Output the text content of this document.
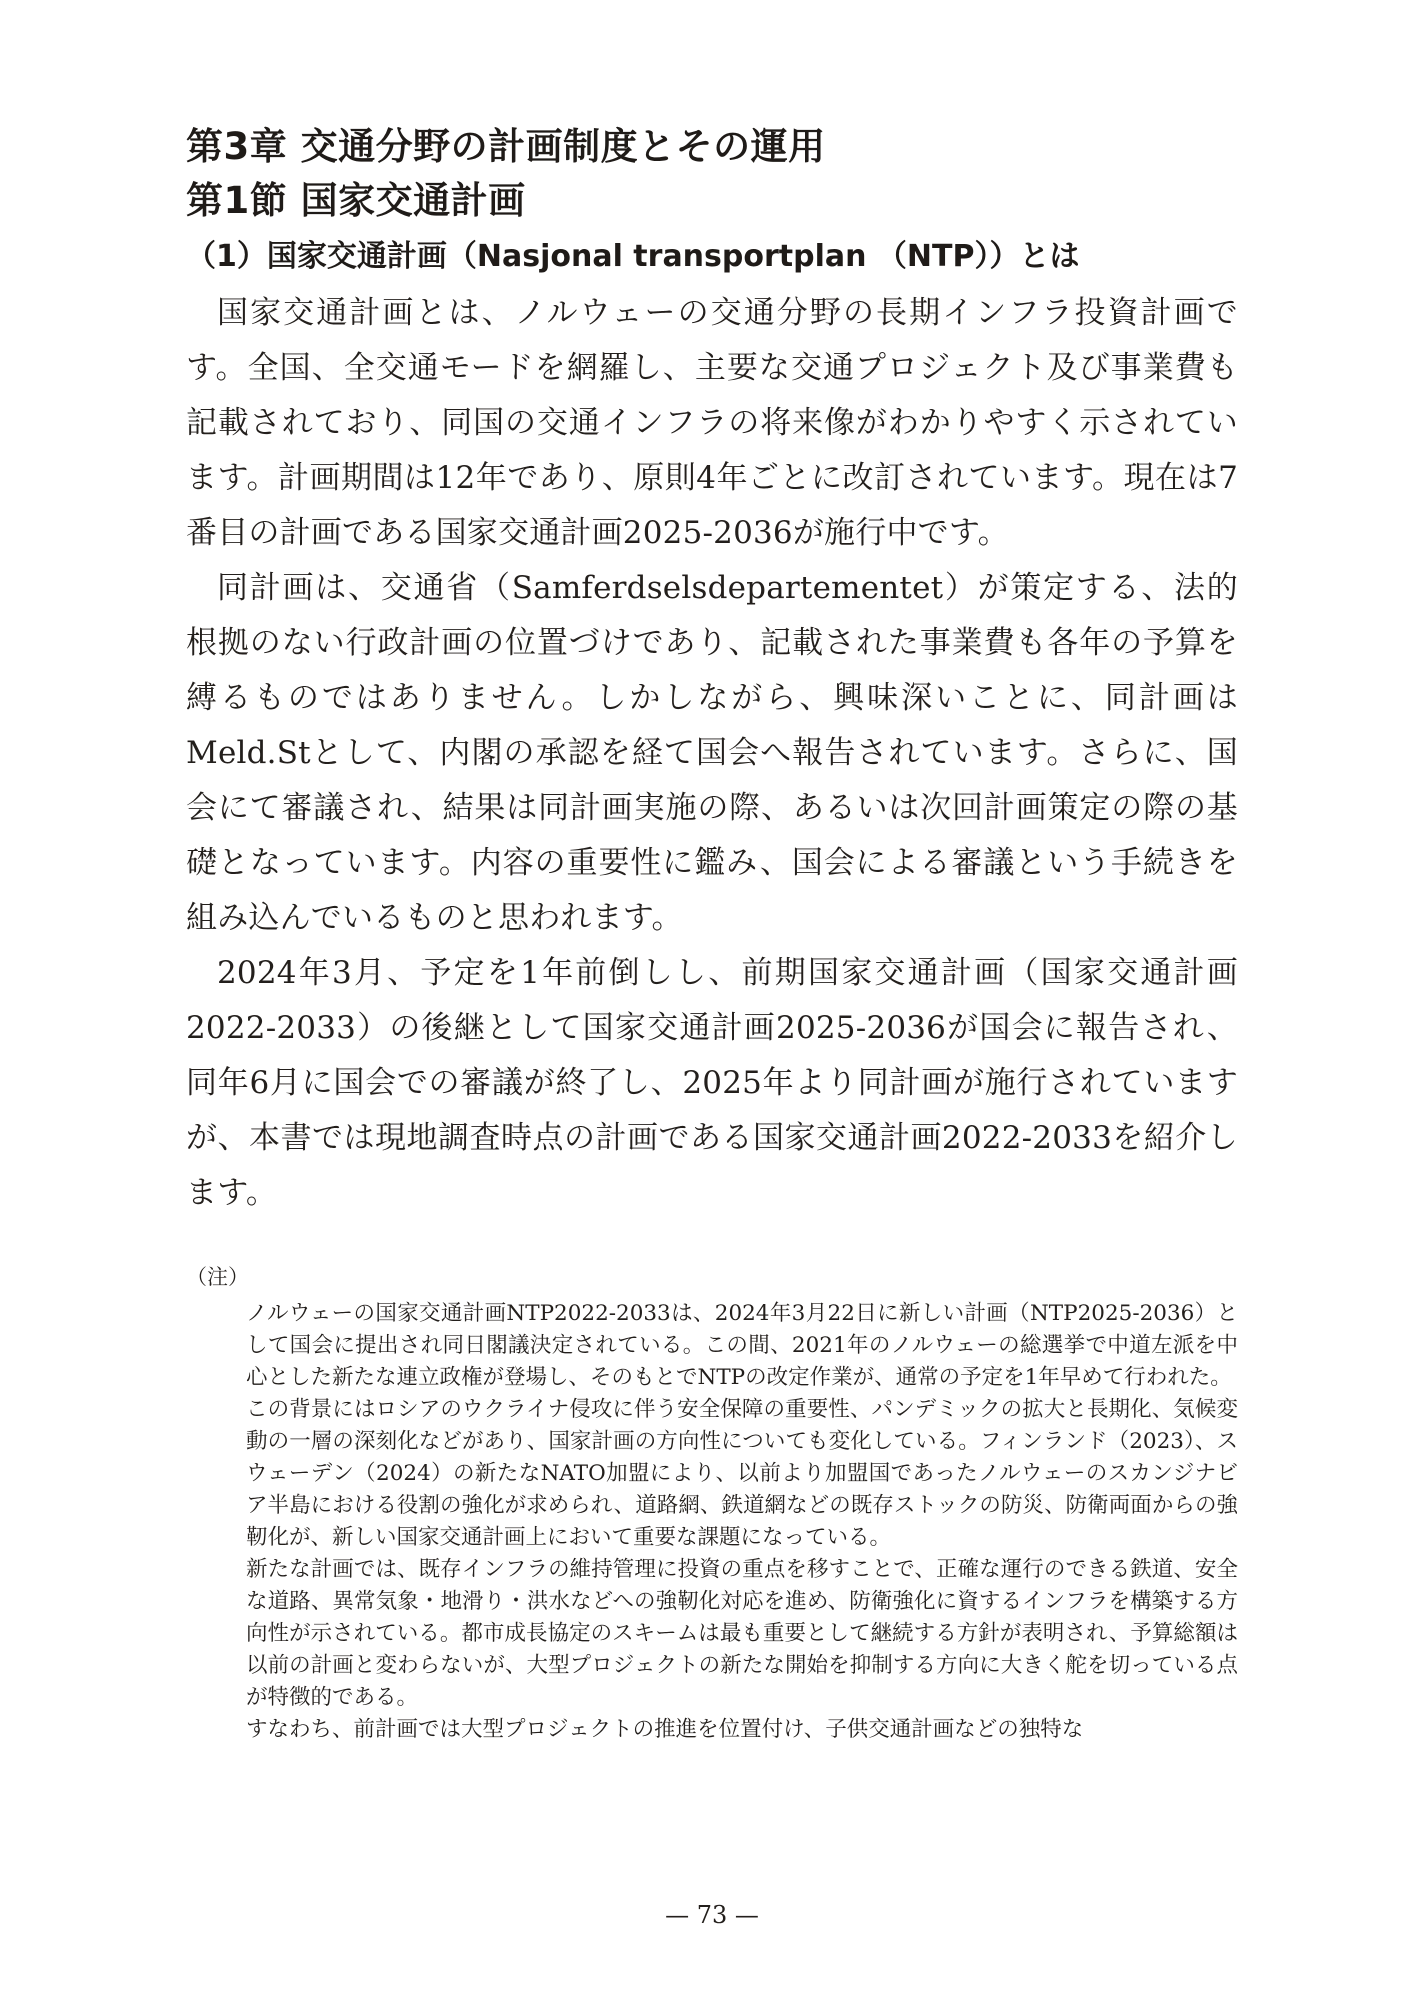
第3章 交通分野の計画制度とその運用
第1節 国家交通計画
（1）国家交通計画（Nasjonal transportplan （NTP））とは

国家交通計画とは、ノルウェーの交通分野の長期インフラ投資計画です。全国、全交通モードを網羅し、主要な交通プロジェクト及び事業費も記載されており、同国の交通インフラの将来像がわかりやすく示されています。計画期間は12年であり、原則4年ごとに改訂されています。現在は7番目の計画である国家交通計画2025-2036が施行中です。

同計画は、交通省（Samferdselsdepartementet）が策定する、法的根拠のない行政計画の位置づけであり、記載された事業費も各年の予算を縛るものではありません。しかしながら、興味深いことに、同計画はMeld.Stとして、内閣の承認を経て国会へ報告されています。さらに、国会にて審議され、結果は同計画実施の際、あるいは次回計画策定の際の基礎となっています。内容の重要性に鑑み、国会による審議という手続きを組み込んでいるものと思われます。

2024年3月、予定を1年前倒しし、前期国家交通計画（国家交通計画2022-2033）の後継として国家交通計画2025-2036が国会に報告され、同年6月に国会での審議が終了し、2025年より同計画が施行されていますが、本書では現地調査時点の計画である国家交通計画2022-2033を紹介します。

（注）

ノルウェーの国家交通計画NTP2022-2033は、2024年3月22日に新しい計画（NTP2025-2036）として国会に提出され同日閣議決定されている。この間、2021年のノルウェーの総選挙で中道左派を中心とした新たな連立政権が登場し、そのもとでNTPの改定作業が、通常の予定を1年早めて行われた。

この背景にはロシアのウクライナ侵攻に伴う安全保障の重要性、パンデミックの拡大と長期化、気候変動の一層の深刻化などがあり、国家計画の方向性についても変化している。フィンランド（2023）、スウェーデン（2024）の新たなNATO加盟により、以前より加盟国であったノルウェーのスカンジナビア半島における役割の強化が求められ、道路網、鉄道網などの既存ストックの防災、防衛両面からの強靭化が、新しい国家交通計画上において重要な課題になっている。

新たな計画では、既存インフラの維持管理に投資の重点を移すことで、正確な運行のできる鉄道、安全な道路、異常気象・地滑り・洪水などへの強靭化対応を進め、防衛強化に資するインフラを構築する方向性が示されている。都市成長協定のスキームは最も重要として継続する方針が表明され、予算総額は以前の計画と変わらないが、大型プロジェクトの新たな開始を抑制する方向に大きく舵を切っている点が特徴的である。

すなわち、前計画では大型プロジェクトの推進を位置付け、子供交通計画などの独特な

— 73 —
